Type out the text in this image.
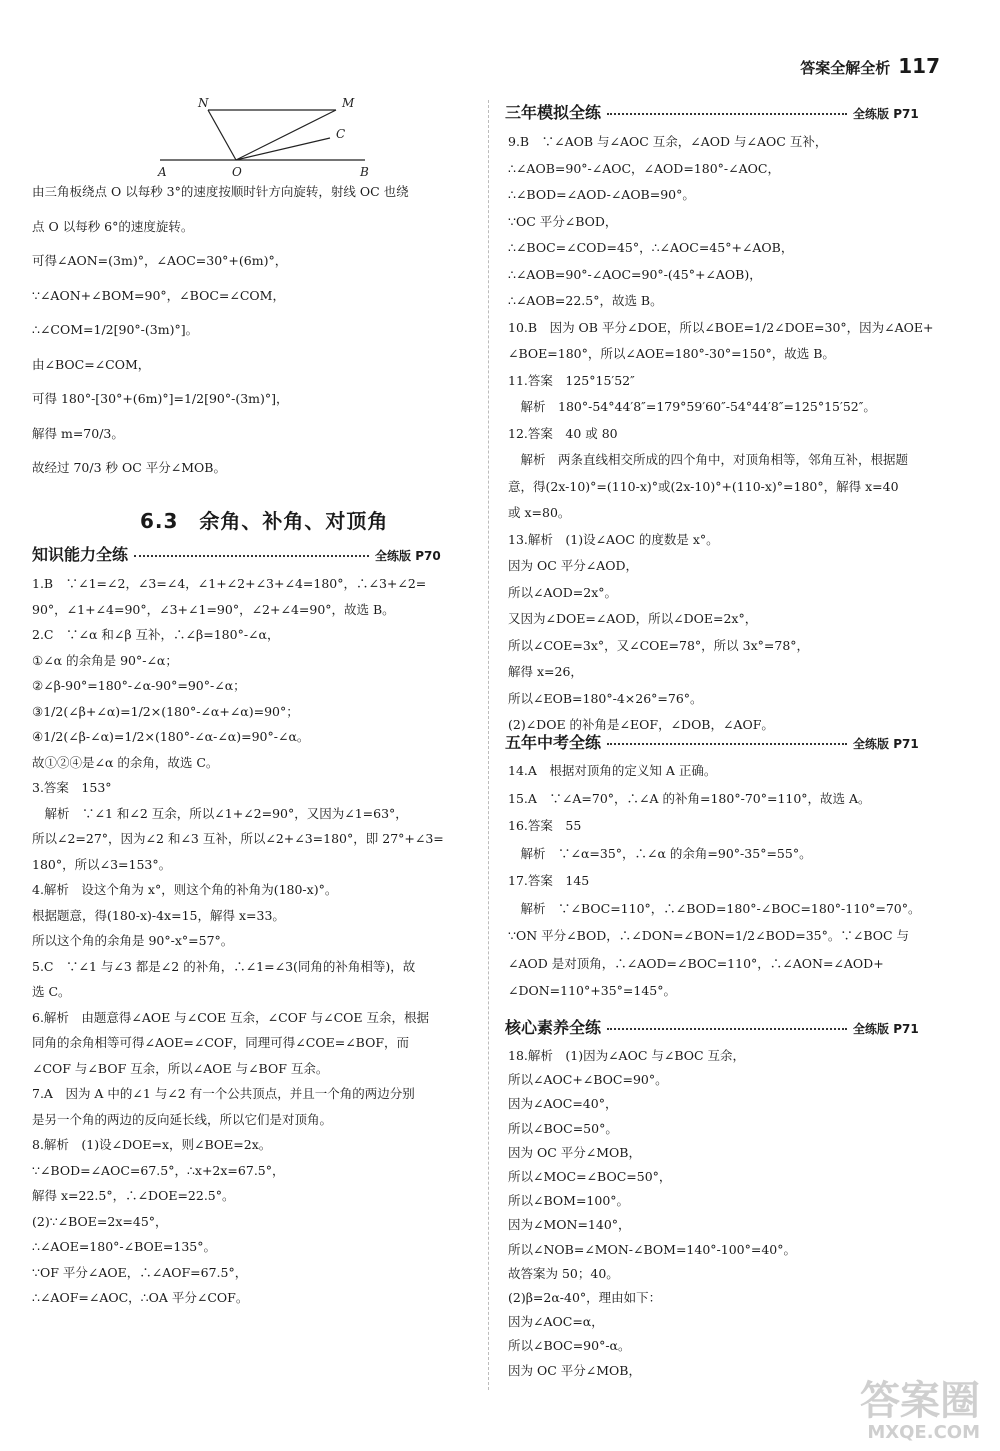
答案全解全析 117
N	M
C
A	O	B
由三角板绕点 O 以每秒 3°的速度按顺时针方向旋转，射线 OC 也绕
点 O 以每秒 6°的速度旋转。
可得∠AON=(3m)°，∠AOC=30°+(6m)°，
∵∠AON+∠BOM=90°，∠BOC=∠COM，
∴∠COM=1/2[90°-(3m)°]。
由∠BOC=∠COM，
可得 180°-[30°+(6m)°]=1/2[90°-(3m)°]，
解得 m=70/3。
故经过 70/3 秒 OC 平分∠MOB。
6.3　余角、补角、对顶角
知识能力全练	全练版 P70
1.B　∵∠1=∠2，∠3=∠4，∠1+∠2+∠3+∠4=180°，∴∠3+∠2=
90°，∠1+∠4=90°，∠3+∠1=90°，∠2+∠4=90°，故选 B。
2.C　∵∠α 和∠β 互补，∴∠β=180°-∠α，
①∠α 的余角是 90°-∠α；
②∠β-90°=180°-∠α-90°=90°-∠α；
③1/2(∠β+∠α)=1/2×(180°-∠α+∠α)=90°；
④1/2(∠β-∠α)=1/2×(180°-∠α-∠α)=90°-∠α。
故①②④是∠α 的余角，故选 C。
3.答案　153°
　解析　∵∠1 和∠2 互余，所以∠1+∠2=90°，又因为∠1=63°，
所以∠2=27°，因为∠2 和∠3 互补，所以∠2+∠3=180°，即 27°+∠3=
180°，所以∠3=153°。
4.解析　设这个角为 x°，则这个角的补角为(180-x)°。
根据题意，得(180-x)-4x=15，解得 x=33。
所以这个角的余角是 90°-x°=57°。
5.C　∵∠1 与∠3 都是∠2 的补角，∴∠1=∠3(同角的补角相等)，故
选 C。
6.解析　由题意得∠AOE 与∠COE 互余，∠COF 与∠COE 互余，根据
同角的余角相等可得∠AOE=∠COF，同理可得∠COE=∠BOF，而
∠COF 与∠BOF 互余，所以∠AOE 与∠BOF 互余。
7.A　因为 A 中的∠1 与∠2 有一个公共顶点，并且一个角的两边分别
是另一个角的两边的反向延长线，所以它们是对顶角。
8.解析　(1)设∠DOE=x，则∠BOE=2x。
∵∠BOD=∠AOC=67.5°，∴x+2x=67.5°，
解得 x=22.5°，∴∠DOE=22.5°。
(2)∵∠BOE=2x=45°，
∴∠AOE=180°-∠BOE=135°。
∵OF 平分∠AOE，∴∠AOF=67.5°，
∴∠AOF=∠AOC，∴OA 平分∠COF。
三年模拟全练	全练版 P71
9.B　∵∠AOB 与∠AOC 互余，∠AOD 与∠AOC 互补，
∴∠AOB=90°-∠AOC，∠AOD=180°-∠AOC，
∴∠BOD=∠AOD-∠AOB=90°。
∵OC 平分∠BOD，
∴∠BOC=∠COD=45°，∴∠AOC=45°+∠AOB，
∴∠AOB=90°-∠AOC=90°-(45°+∠AOB)，
∴∠AOB=22.5°，故选 B。
10.B　因为 OB 平分∠DOE，所以∠BOE=1/2∠DOE=30°，因为∠AOE+
∠BOE=180°，所以∠AOE=180°-30°=150°，故选 B。
11.答案　125°15′52″
　解析　180°-54°44′8″=179°59′60″-54°44′8″=125°15′52″。
12.答案　40 或 80
　解析　两条直线相交所成的四个角中，对顶角相等，邻角互补，根据题
意，得(2x-10)°=(110-x)°或(2x-10)°+(110-x)°=180°，解得 x=40
或 x=80。
13.解析　(1)设∠AOC 的度数是 x°。
因为 OC 平分∠AOD，
所以∠AOD=2x°。
又因为∠DOE=∠AOD，所以∠DOE=2x°，
所以∠COE=3x°，又∠COE=78°，所以 3x°=78°，
解得 x=26，
所以∠EOB=180°-4×26°=76°。
(2)∠DOE 的补角是∠EOF，∠DOB，∠AOF。
五年中考全练	全练版 P71
14.A　根据对顶角的定义知 A 正确。
15.A　∵∠A=70°，∴∠A 的补角=180°-70°=110°，故选 A。
16.答案　55
　解析　∵∠α=35°，∴∠α 的余角=90°-35°=55°。
17.答案　145
　解析　∵∠BOC=110°，∴∠BOD=180°-∠BOC=180°-110°=70°。
∵ON 平分∠BOD，∴∠DON=∠BON=1/2∠BOD=35°。∵∠BOC 与
∠AOD 是对顶角，∴∠AOD=∠BOC=110°，∴∠AON=∠AOD+
∠DON=110°+35°=145°。
核心素养全练	全练版 P71
18.解析　(1)因为∠AOC 与∠BOC 互余，
所以∠AOC+∠BOC=90°。
因为∠AOC=40°，
所以∠BOC=50°。
因为 OC 平分∠MOB，
所以∠MOC=∠BOC=50°，
所以∠BOM=100°。
因为∠MON=140°，
所以∠NOB=∠MON-∠BOM=140°-100°=40°。
故答案为 50；40。
(2)β=2α-40°，理由如下：
因为∠AOC=α，
所以∠BOC=90°-α。
因为 OC 平分∠MOB，
答案圈
MXQE.COM
